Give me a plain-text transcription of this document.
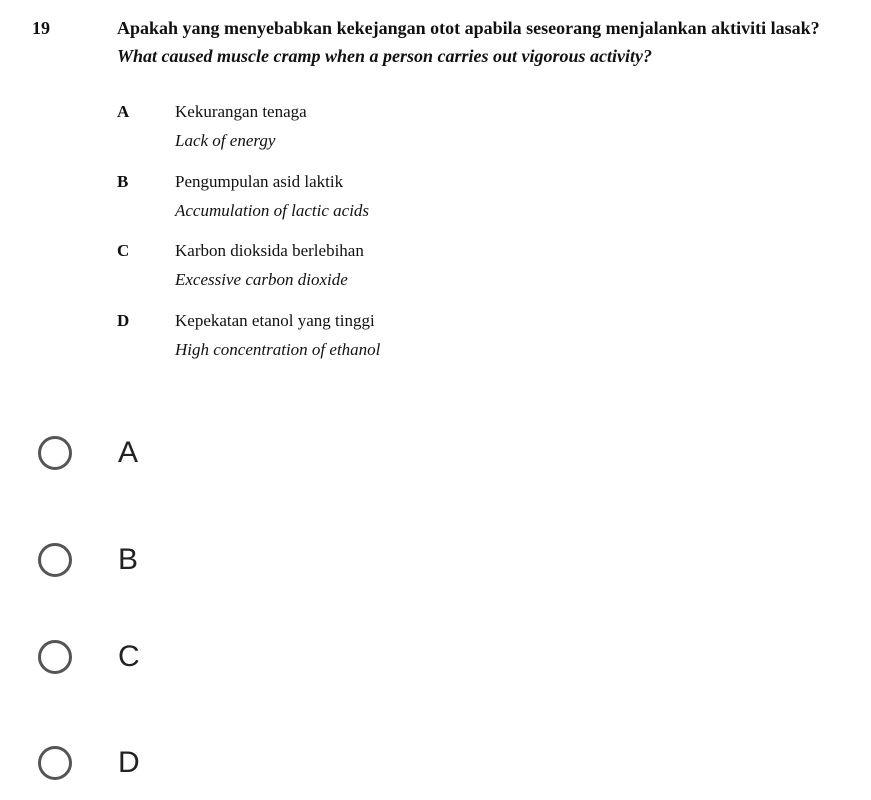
19	Apakah yang menyebabkan kekejangan otot apabila seseorang menjalankan aktiviti lasak?
What caused muscle cramp when a person carries out vigorous activity?
A	Kekurangan tenaga
Lack of energy
B	Pengumpulan asid laktik
Accumulation of lactic acids
C	Karbon dioksida berlebihan
Excessive carbon dioxide
D	Kepekatan etanol yang tinggi
High concentration of ethanol
A
B
C
D
